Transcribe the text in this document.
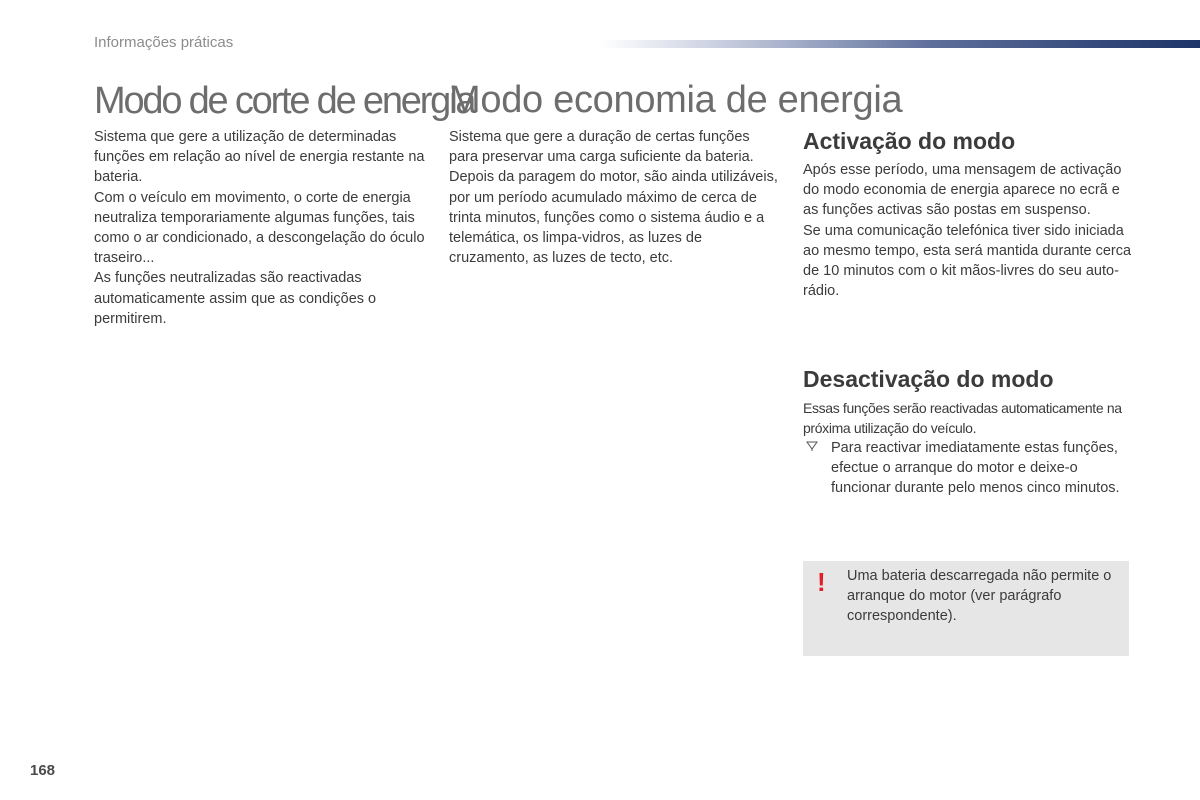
Informações práticas
Modo de corte de energia
Modo economia de energia
Sistema que gere a utilização de determinadas funções em relação ao nível de energia restante na bateria.
Com o veículo em movimento, o corte de energia neutraliza temporariamente algumas funções, tais como o ar condicionado, a descongelação do óculo traseiro...
As funções neutralizadas são reactivadas automaticamente assim que as condições o permitirem.
Sistema que gere a duração de certas funções para preservar uma carga suficiente da bateria. Depois da paragem do motor, são ainda utilizáveis, por um período acumulado máximo de cerca de trinta minutos, funções como o sistema áudio e a telemática, os limpa-vidros, as luzes de cruzamento, as luzes de tecto, etc.
Activação do modo
Após esse período, uma mensagem de activação do modo economia de energia aparece no ecrã e as funções activas são postas em suspenso.
Se uma comunicação telefónica tiver sido iniciada ao mesmo tempo, esta será mantida durante cerca de 10 minutos com o kit mãos-livres do seu auto-rádio.
Desactivação do modo
Essas funções serão reactivadas automaticamente na próxima utilização do veículo.
Para reactivar imediatamente estas funções, efectue o arranque do motor e deixe-o funcionar durante pelo menos cinco minutos.
! Uma bateria descarregada não permite o arranque do motor (ver parágrafo correspondente).
168
